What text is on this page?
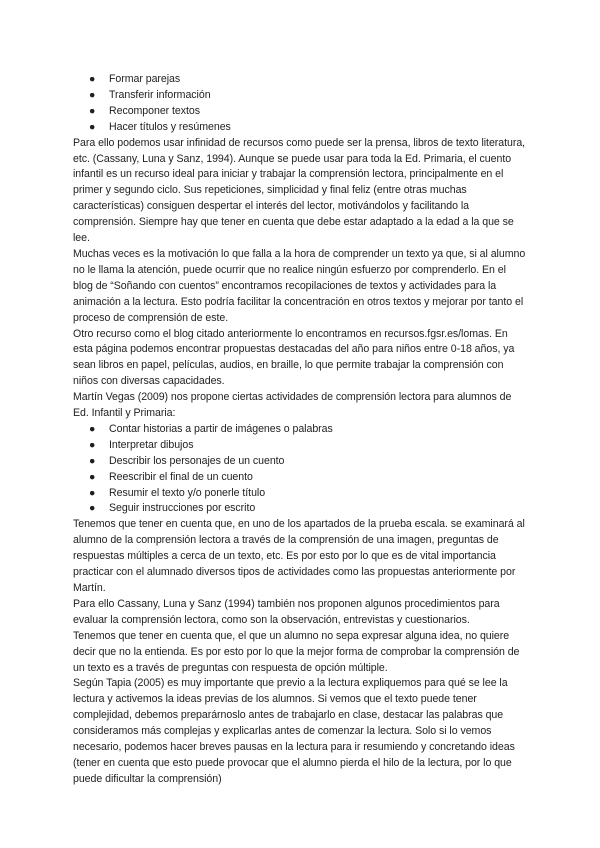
● Formar parejas
● Transferir información
● Recomponer textos
● Hacer títulos y resúmenes

Para ello podemos usar infinidad de recursos como puede ser la prensa, libros de texto literatura, etc. (Cassany, Luna y Sanz, 1994). Aunque se puede usar para toda la Ed. Primaria, el cuento infantil es un recurso ideal para iniciar y trabajar la comprensión lectora, principalmente en el primer y segundo ciclo. Sus repeticiones, simplicidad y final feliz (entre otras muchas características) consiguen despertar el interés del lector, motivándolos y facilitando la comprensión. Siempre hay que tener en cuenta que debe estar adaptado a la edad a la que se lee.

Muchas veces es la motivación lo que falla a la hora de comprender un texto ya que, si al alumno no le llama la atención, puede ocurrir que no realice ningún esfuerzo por comprenderlo. En el blog de “Soñando con cuentos” encontramos recopilaciones de textos y actividades para la animación a la lectura. Esto podría facilitar la concentración en otros textos y mejorar por tanto el proceso de comprensión de este.

Otro recurso como el blog citado anteriormente lo encontramos en recursos.fgsr.es/lomas. En esta página podemos encontrar propuestas destacadas del año para niños entre 0-18 años, ya sean libros en papel, películas, audios, en braille, lo que permite trabajar la comprensión con niños con diversas capacidades.

Martín Vegas (2009) nos propone ciertas actividades de comprensión lectora para alumnos de Ed. Infantil y Primaria:

● Contar historias a partir de imágenes o palabras
● Interpretar dibujos
● Describir los personajes de un cuento
● Reescribir el final de un cuento
● Resumir el texto y/o ponerle título
● Seguir instrucciones por escrito

Tenemos que tener en cuenta que, en uno de los apartados de la prueba escala. se examinará al alumno de la comprensión lectora a través de la comprensión de una imagen, preguntas de respuestas múltiples a cerca de un texto, etc. Es por esto por lo que es de vital importancia practicar con el alumnado diversos tipos de actividades como las propuestas anteriormente por Martín.

Para ello Cassany, Luna y Sanz (1994) también nos proponen algunos procedimientos para evaluar la comprensión lectora, como son la observación, entrevistas y cuestionarios.

Tenemos que tener en cuenta que, el que un alumno no sepa expresar alguna idea, no quiere decir que no la entienda. Es por esto por lo que la mejor forma de comprobar la comprensión de un texto es a través de preguntas con respuesta de opción múltiple.

Según Tapia (2005) es muy importante que previo a la lectura expliquemos para qué se lee la lectura y activemos la ideas previas de los alumnos. Si vemos que el texto puede tener complejidad, debemos preparárnoslo antes de trabajarlo en clase, destacar las palabras que consideramos más complejas y explicarlas antes de comenzar la lectura. Solo si lo vemos necesario, podemos hacer breves pausas en la lectura para ir resumiendo y concretando ideas (tener en cuenta que esto puede provocar que el alumno pierda el hilo de la lectura, por lo que puede dificultar la comprensión)
